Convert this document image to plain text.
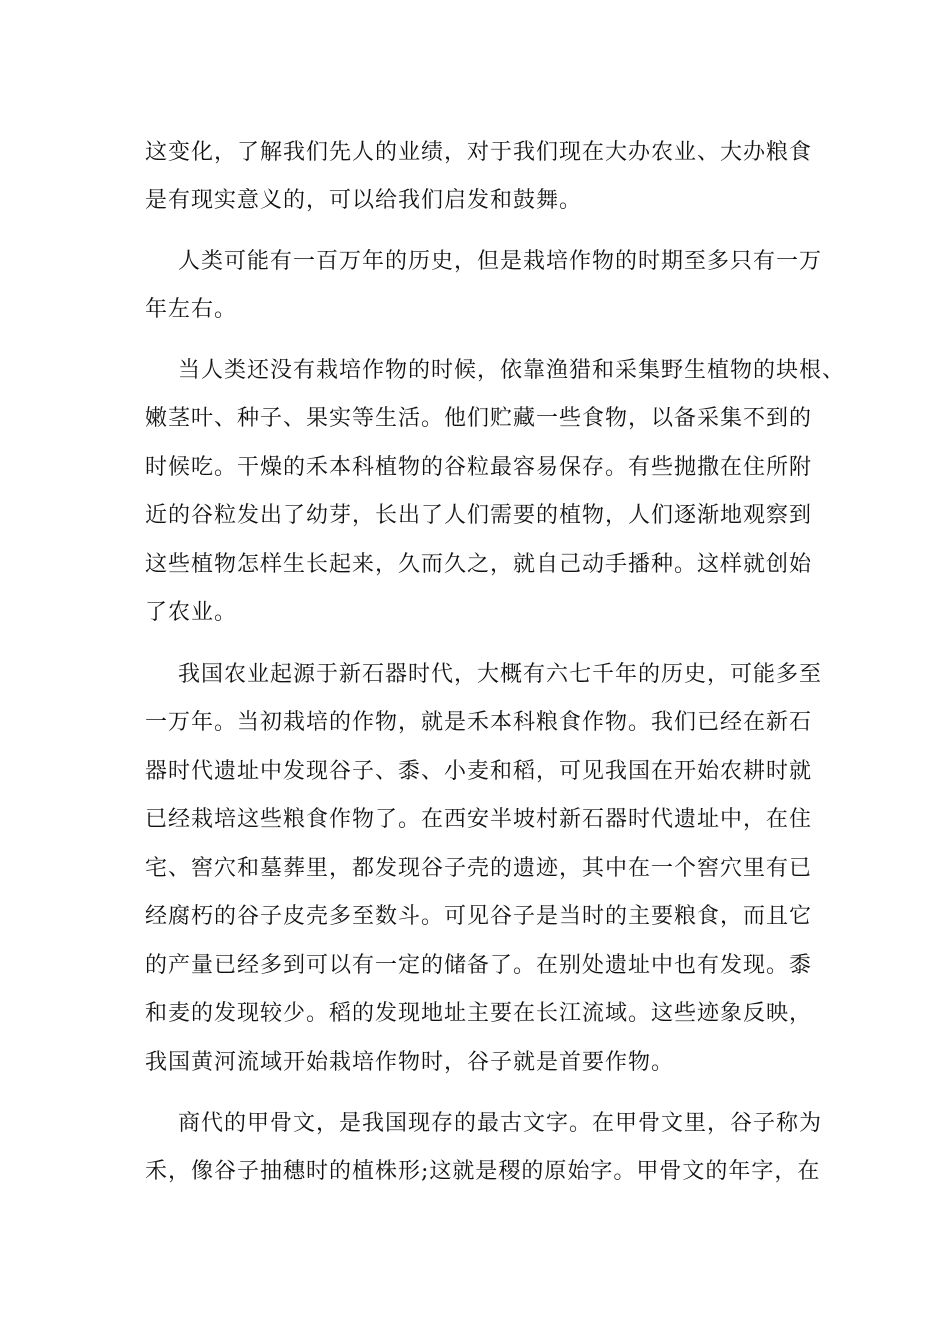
这变化，了解我们先人的业绩，对于我们现在大办农业、大办粮食
是有现实意义的，可以给我们启发和鼓舞。
人类可能有一百万年的历史，但是栽培作物的时期至多只有一万
年左右。
当人类还没有栽培作物的时候，依靠渔猎和采集野生植物的块根、
嫩茎叶、种子、果实等生活。他们贮藏一些食物，以备采集不到的
时候吃。干燥的禾本科植物的谷粒最容易保存。有些抛撒在住所附
近的谷粒发出了幼芽，长出了人们需要的植物，人们逐渐地观察到
这些植物怎样生长起来，久而久之，就自己动手播种。这样就创始
了农业。
我国农业起源于新石器时代，大概有六七千年的历史，可能多至
一万年。当初栽培的作物，就是禾本科粮食作物。我们已经在新石
器时代遗址中发现谷子、黍、小麦和稻，可见我国在开始农耕时就
已经栽培这些粮食作物了。在西安半坡村新石器时代遗址中，在住
宅、窖穴和墓葬里，都发现谷子壳的遗迹，其中在一个窖穴里有已
经腐朽的谷子皮壳多至数斗。可见谷子是当时的主要粮食，而且它
的产量已经多到可以有一定的储备了。在别处遗址中也有发现。黍
和麦的发现较少。稻的发现地址主要在长江流域。这些迹象反映，
我国黄河流域开始栽培作物时，谷子就是首要作物。
商代的甲骨文，是我国现存的最古文字。在甲骨文里，谷子称为
禾，像谷子抽穗时的植株形;这就是稷的原始字。甲骨文的年字，在
